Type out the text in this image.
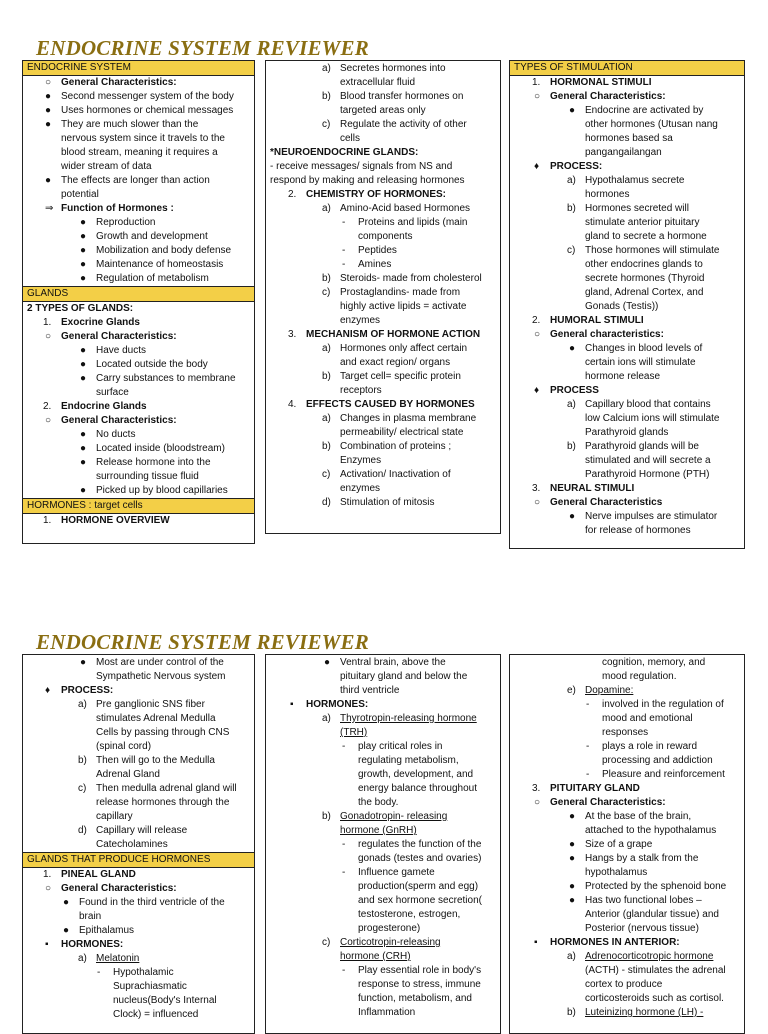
ENDOCRINE SYSTEM REVIEWER
ENDOCRINE SYSTEM
○ General Characteristics:
● Second messenger system of the body
● Uses hormones or chemical messages
● They are much slower than the
nervous system since it travels to the
blood stream, meaning it requires a
wider stream of data
● The effects are longer than action
potential
⇒ Function of Hormones :
● Reproduction
● Growth and development
● Mobilization and body defense
● Maintenance of homeostasis
● Regulation of metabolism
GLANDS
2 TYPES OF GLANDS:
1. Exocrine Glands
○ General Characteristics:
● Have ducts
● Located outside the body
● Carry substances to membrane
surface
2. Endocrine Glands
○ General Characteristics:
● No ducts
● Located inside (bloodstream)
● Release hormone into the
surrounding tissue fluid
● Picked up by blood capillaries
HORMONES : target cells
1. HORMONE OVERVIEW
a) Secretes hormones into
extracellular fluid
b) Blood transfer hormones on
targeted areas only
c) Regulate the activity of other
cells
*NEUROENDOCRINE GLANDS:
- receive messages/ signals from NS and
respond by making and releasing hormones
2. CHEMISTRY OF HORMONES:
a) Amino-Acid based Hormones
- Proteins and lipids (main
components
- Peptides
- Amines
b) Steroids- made from cholesterol
c) Prostaglandins- made from
highly active lipids = activate
enzymes
3. MECHANISM OF HORMONE ACTION
a) Hormones only affect certain
and exact region/ organs
b) Target cell= specific protein
receptors
4. EFFECTS CAUSED BY HORMONES
a) Changes in plasma membrane
permeability/ electrical state
b) Combination of proteins ;
Enzymes
c) Activation/ Inactivation of
enzymes
d) Stimulation of mitosis
TYPES OF STIMULATION
1. HORMONAL STIMULI
○ General Characteristics:
● Endocrine are activated by
other hormones (Utusan nang
hormones based sa
pangangailangan
♦ PROCESS:
a) Hypothalamus secrete
hormones
b) Hormones secreted will
stimulate anterior pituitary
gland to secrete a hormone
c) Those hormones will stimulate
other endocrines glands to
secrete hormones (Thyroid
gland, Adrenal Cortex, and
Gonads (Testis))
2. HUMORAL STIMULI
○ General characteristics:
● Changes in blood levels of
certain ions will stimulate
hormone release
♦ PROCESS
a) Capillary blood that contains
low Calcium ions will stimulate
Parathyroid glands
b) Parathyroid glands will be
stimulated and will secrete a
Parathyroid Hormone (PTH)
3. NEURAL STIMULI
○ General Characteristics
● Nerve impulses are stimulator
for release of hormones
ENDOCRINE SYSTEM REVIEWER
● Most are under control of the
Sympathetic Nervous system
♦ PROCESS:
a) Pre ganglionic SNS fiber
stimulates Adrenal Medulla
Cells by passing through CNS
(spinal cord)
b) Then will go to the Medulla
Adrenal Gland
c) Then medulla adrenal gland will
release hormones through the
capillary
d) Capillary will release
Catecholamines
GLANDS THAT PRODUCE HORMONES
1. PINEAL GLAND
○ General Characteristics:
● Found in the third ventricle of the
brain
● Epithalamus
▪ HORMONES:
a) Melatonin
- Hypothalamic
Suprachiasmatic
nucleus(Body's Internal
Clock) = influenced
● Ventral brain, above the
pituitary gland and below the
third ventricle
▪ HORMONES:
a) Thyrotropin-releasing hormone
(TRH)
- play critical roles in
regulating metabolism,
growth, development, and
energy balance throughout
the body.
b) Gonadotropin- releasing
hormone (GnRH)
- regulates the function of the
gonads (testes and ovaries)
- Influence gamete
production(sperm and egg)
and sex hormone secretion(
testosterone, estrogen,
progesterone)
c) Corticotropin-releasing
hormone (CRH)
- Play essential role in body's
response to stress, immune
function, metabolism, and
Inflammation
cognition, memory, and
mood regulation.
e) Dopamine:
- involved in the regulation of
mood and emotional
responses
- plays a role in reward
processing and addiction
- Pleasure and reinforcement
3. PITUITARY GLAND
○ General Characteristics:
● At the base of the brain,
attached to the hypothalamus
● Size of a grape
● Hangs by a stalk from the
hypothalamus
● Protected by the sphenoid bone
● Has two functional lobes –
Anterior (glandular tissue) and
Posterior (nervous tissue)
▪ HORMONES IN ANTERIOR:
a) Adrenocorticotropic hormone
(ACTH) - stimulates the adrenal
cortex to produce
corticosteroids such as cortisol.
b) Luteinizing hormone (LH) -
